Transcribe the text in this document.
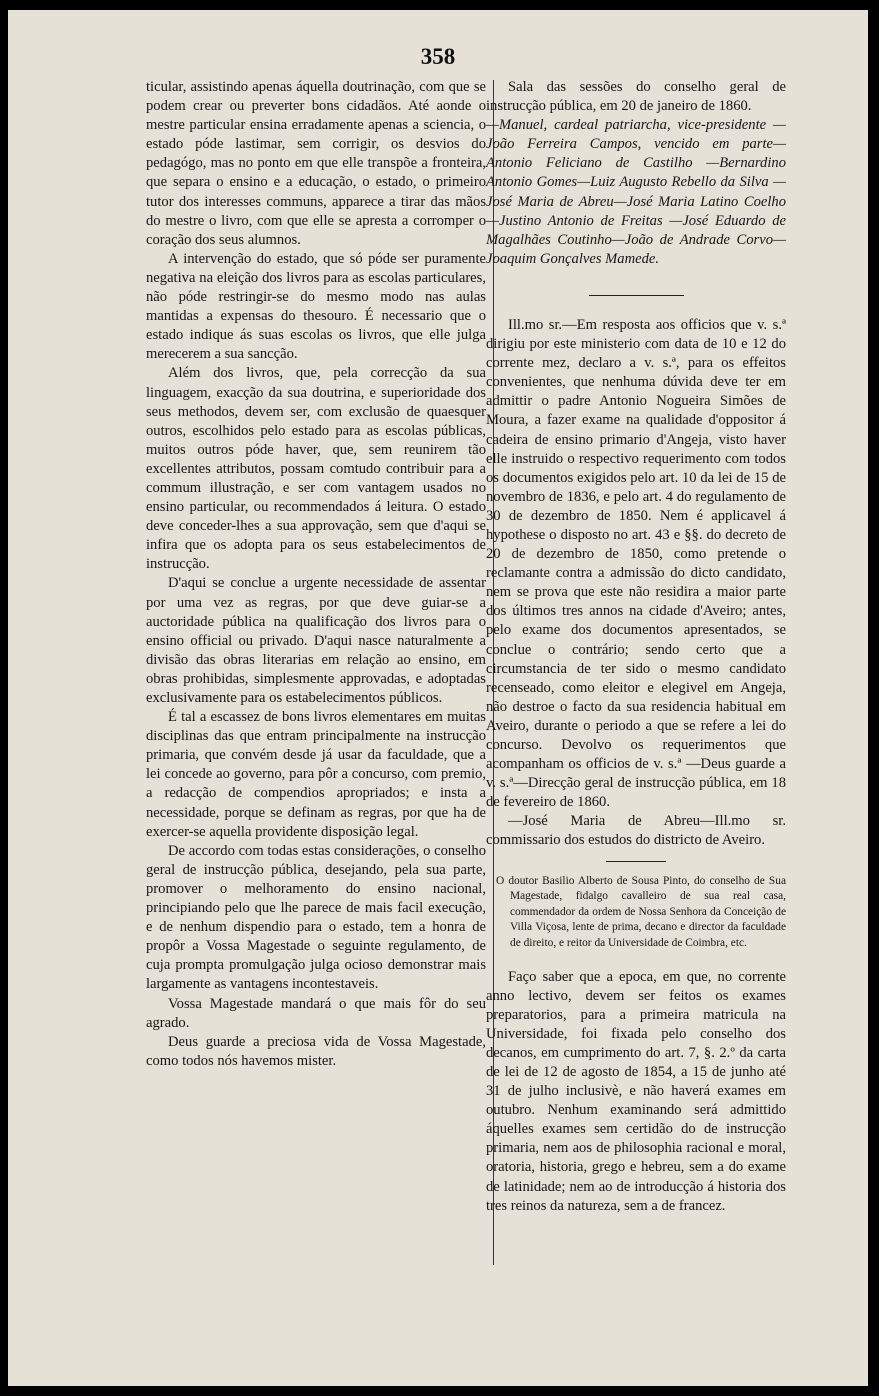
358

ticular, assistindo apenas áquella doutrinação, com que se podem crear ou preverter bons cidadãos. Até aonde o mestre particular ensina erradamente apenas a sciencia, o estado póde lastimar, sem corrigir, os desvios do pedagógo, mas no ponto em que elle transpõe a fronteira, que separa o ensino e a educação, o estado, o primeiro tutor dos interesses communs, apparece a tirar das mãos do mestre o livro, com que elle se apresta a corromper o coração dos seus alumnos.

A intervenção do estado, que só póde ser puramente negativa na eleição dos livros para as escolas particulares, não póde restringir-se do mesmo modo nas aulas mantidas a expensas do thesouro. É necessario que o estado indique ás suas escolas os livros, que elle julga merecerem a sua sancção.

Além dos livros, que, pela correcção da sua linguagem, exacção da sua doutrina, e superioridade dos seus methodos, devem ser, com exclusão de quaesquer outros, escolhidos pelo estado para as escolas públicas, muitos outros póde haver, que, sem reunirem tão excellentes attributos, possam comtudo contribuir para a commum illustração, e ser com vantagem usados no ensino particular, ou recommendados á leitura. O estado deve conceder-lhes a sua approvação, sem que d'aqui se infira que os adopta para os seus estabelecimentos de instrucção.

D'aqui se conclue a urgente necessidade de assentar por uma vez as regras, por que deve guiar-se a auctoridade pública na qualificação dos livros para o ensino official ou privado. D'aqui nasce naturalmente a divisão das obras literarias em relação ao ensino, em obras prohibidas, simplesmente approvadas, e adoptadas exclusivamente para os estabelecimentos públicos.

É tal a escassez de bons livros elementares em muitas disciplinas das que entram principalmente na instrucção primaria, que convém desde já usar da faculdade, que a lei concede ao governo, para pôr a concurso, com premio, a redacção de compendios apropriados; e insta a necessidade, porque se definam as regras, por que ha de exercer-se aquella providente disposição legal.

De accordo com todas estas considerações, o conselho geral de instrucção pública, desejando, pela sua parte, promover o melhoramento do ensino nacional, principiando pelo que lhe parece de mais facil execução, e de nenhum dispendio para o estado, tem a honra de propôr a Vossa Magestade o seguinte regulamento, de cuja prompta promulgação julga ocioso demonstrar mais largamente as vantagens incontestaveis.

Vossa Magestade mandará o que mais fôr do seu agrado.

Deus guarde a preciosa vida de Vossa Magestade, como todos nós havemos mister.

Sala das sessões do conselho geral de instrucção pública, em 20 de janeiro de 1860.

—Manuel, cardeal patriarcha, vice-presidente —João Ferreira Campos, vencido em parte— Antonio Feliciano de Castilho —Bernardino Antonio Gomes—Luiz Augusto Rebello da Silva —José Maria de Abreu—José Maria Latino Coelho —Justino Antonio de Freitas —José Eduardo de Magalhães Coutinho—João de Andrade Corvo—Joaquim Gonçalves Mamede.

Ill.mo sr.—Em resposta aos officios que v. s.ª dirigiu por este ministerio com data de 10 e 12 do corrente mez, declaro a v. s.ª, para os effeitos convenientes, que nenhuma dúvida deve ter em admittir o padre Antonio Nogueira Simões de Moura, a fazer exame na qualidade d'oppositor á cadeira de ensino primario d'Angeja, visto haver elle instruido o respectivo requerimento com todos os documentos exigidos pelo art. 10 da lei de 15 de novembro de 1836, e pelo art. 4 do regulamento de 30 de dezembro de 1850. Nem é applicavel á hypothese o disposto no art. 43 e §§. do decreto de 20 de dezembro de 1850, como pretende o reclamante contra a admissão do dicto candidato, nem se prova que este não residira a maior parte dos últimos tres annos na cidade d'Aveiro; antes, pelo exame dos documentos apresentados, se conclue o contrário; sendo certo que a circumstancia de ter sido o mesmo candidato recenseado, como eleitor e elegivel em Angeja, não destroe o facto da sua residencia habitual em Aveiro, durante o periodo a que se refere a lei do concurso. Devolvo os requerimentos que acompanham os officios de v. s.ª —Deus guarde a v. s.ª—Direcção geral de instrucção pública, em 18 de fevereiro de 1860.

—José Maria de Abreu—Ill.mo sr. commissario dos estudos do districto de Aveiro.

O doutor Basilio Alberto de Sousa Pinto, do conselho de Sua Magestade, fidalgo cavalleiro de sua real casa, commendador da ordem de Nossa Senhora da Conceição de Villa Viçosa, lente de prima, decano e director da faculdade de direito, e reitor da Universidade de Coimbra, etc.

Faço saber que a epoca, em que, no corrente anno lectivo, devem ser feitos os exames preparatorios, para a primeira matricula na Universidade, foi fixada pelo conselho dos decanos, em cumprimento do art. 7, §. 2.º da carta de lei de 12 de agosto de 1854, a 15 de junho até 31 de julho inclusivè, e não haverá exames em outubro. Nenhum examinando será admittido áquelles exames sem certidão do de instrucção primaria, nem aos de philosophia racional e moral, oratoria, historia, grego e hebreu, sem a do exame de latinidade; nem ao de introducção á historia dos tres reinos da natureza, sem a de francez.
